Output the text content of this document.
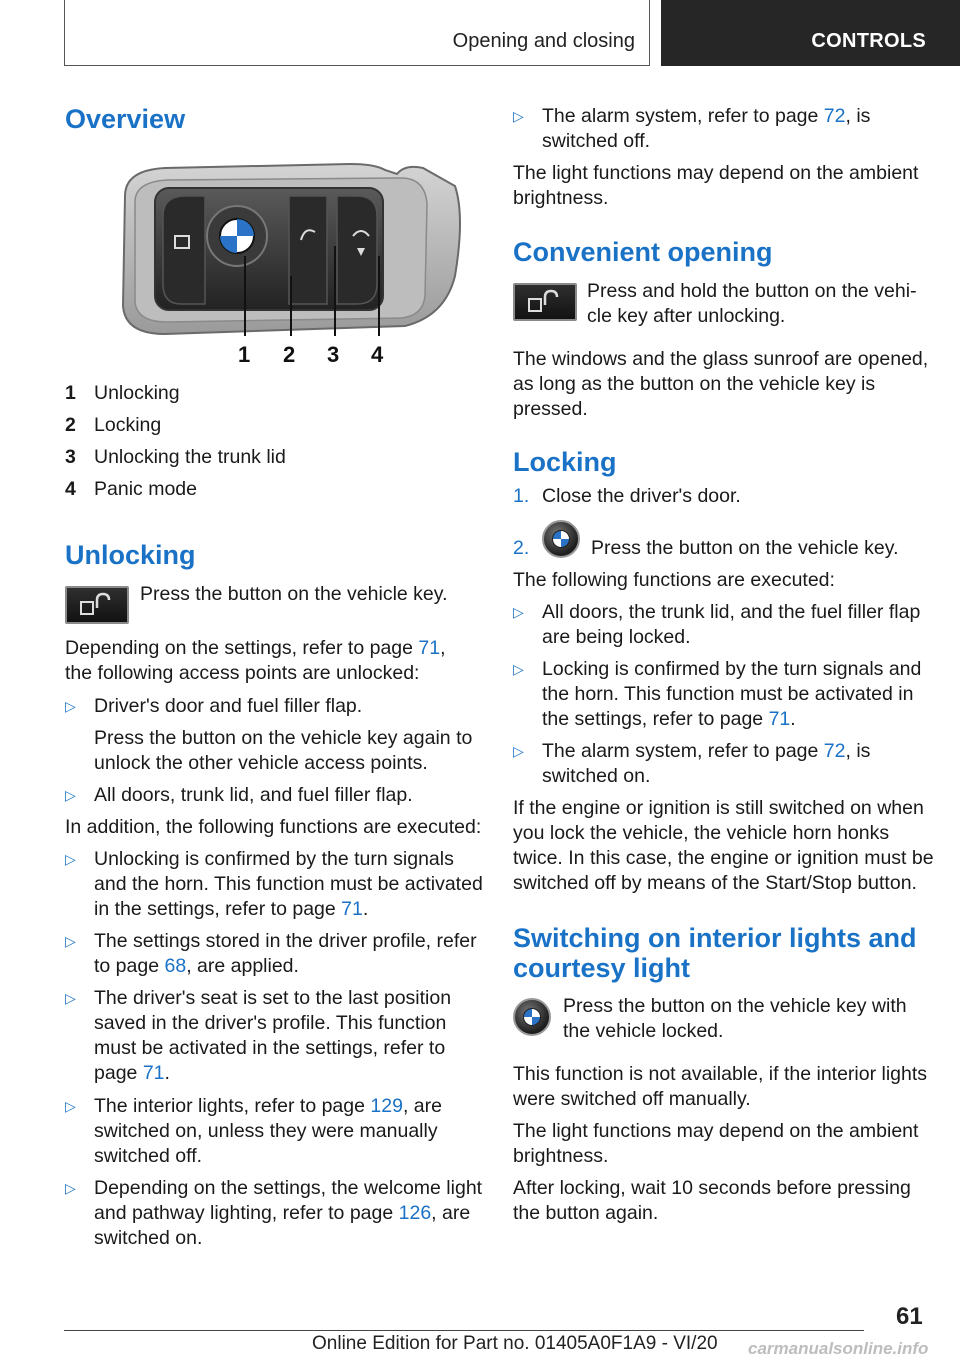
Opening and closing	CONTROLS
Overview
1 2 3 4
1 Unlocking
2 Locking
3 Unlocking the trunk lid
4 Panic mode
Unlocking
Press the button on the vehicle key.
Depending on the settings, refer to page 71,
the following access points are unlocked:
▷ Driver's door and fuel filler flap.
Press the button on the vehicle key again to
unlock the other vehicle access points.
▷ All doors, trunk lid, and fuel filler flap.
In addition, the following functions are executed:
▷ Unlocking is confirmed by the turn signals
and the horn. This function must be activated
in the settings, refer to page 71.
▷ The settings stored in the driver profile, refer
to page 68, are applied.
▷ The driver's seat is set to the last position
saved in the driver's profile. This function
must be activated in the settings, refer to
page 71.
▷ The interior lights, refer to page 129, are
switched on, unless they were manually
switched off.
▷ Depending on the settings, the welcome light
and pathway lighting, refer to page 126, are
switched on.
▷ The alarm system, refer to page 72, is
switched off.
The light functions may depend on the ambient
brightness.
Convenient opening
Press and hold the button on the vehi-
cle key after unlocking.
The windows and the glass sunroof are opened,
as long as the button on the vehicle key is
pressed.
Locking
1. Close the driver's door.
2.	Press the button on the vehicle key.
The following functions are executed:
▷ All doors, the trunk lid, and the fuel filler flap
are being locked.
▷ Locking is confirmed by the turn signals and
the horn. This function must be activated in
the settings, refer to page 71.
▷ The alarm system, refer to page 72, is
switched on.
If the engine or ignition is still switched on when
you lock the vehicle, the vehicle horn honks
twice. In this case, the engine or ignition must be
switched off by means of the Start/Stop button.
Switching on interior lights and
courtesy light
Press the button on the vehicle key with
the vehicle locked.
This function is not available, if the interior lights
were switched off manually.
The light functions may depend on the ambient
brightness.
After locking, wait 10 seconds before pressing
the button again.
61
Online Edition for Part no. 01405A0F1A9 - VI/20 carmanualsonline.info
